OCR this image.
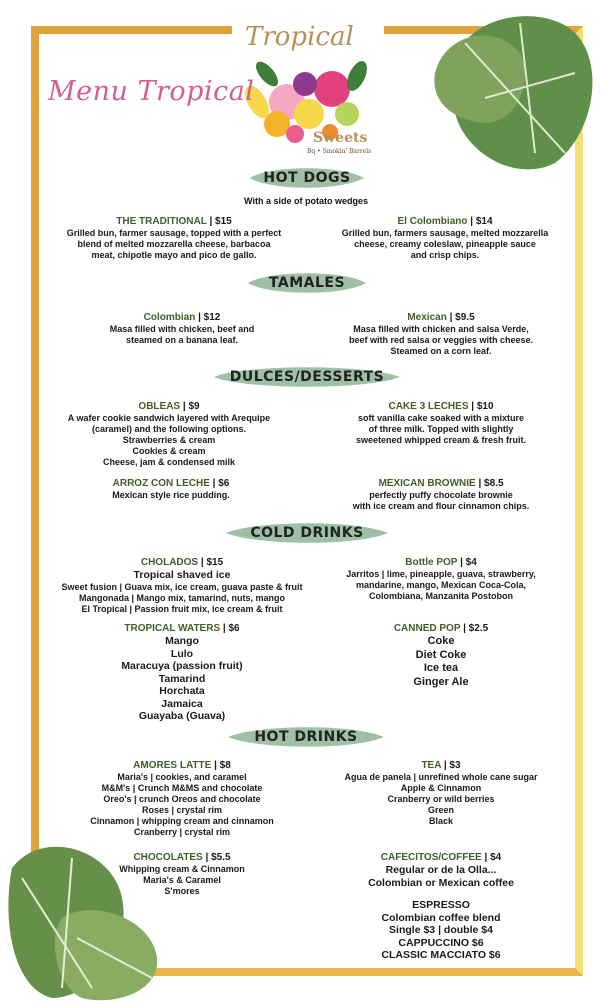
Tropical
Sweets
Bq • Smokin' Barrels
Menu Tropical
HOT DOGS
With a side of potato wedges
THE TRADITIONAL | $15
Grilled bun, farmer sausage, topped with a perfect
blend of melted mozzarella cheese, barbacoa
meat, chipotle mayo and pico de gallo.
El Colombiano | $14
Grilled bun, farmers sausage, melted mozzarella
cheese, creamy coleslaw, pineapple sauce
and crisp chips.
TAMALES
Colombian | $12
Masa filled with chicken, beef and
steamed on a banana leaf.
Mexican | $9.5
Masa filled with chicken and salsa Verde,
beef with red salsa or veggies with cheese.
Steamed on a corn leaf.
DULCES/DESSERTS
OBLEAS | $9
A wafer cookie sandwich layered with Arequipe
(caramel) and the following options.
Strawberries & cream
Cookies & cream
Cheese, jam & condensed milk
CAKE 3 LECHES | $10
soft vanilla cake soaked with a mixture
of three milk. Topped with slightly
sweetened whipped cream & fresh fruit.
ARROZ CON LECHE | $6
Mexican style rice pudding.
MEXICAN BROWNIE | $8.5
perfectly puffy chocolate brownie
with ice cream and flour cinnamon chips.
COLD DRINKS
CHOLADOS | $15
Tropical shaved ice
Sweet fusion | Guava mix, ice cream, guava paste & fruit
Mangonada | Mango mix, tamarind, nuts, mango
El Tropical | Passion fruit mix, ice cream & fruit
Bottle POP | $4
Jarritos | lime, pineapple, guava, strawberry,
mandarine, mango, Mexican Coca-Cola,
Colombiana, Manzanita Postobon
TROPICAL WATERS | $6
Mango
Lulo
Maracuya (passion fruit)
Tamarind
Horchata
Jamaica
Guayaba (Guava)
CANNED POP | $2.5
Coke
Diet Coke
Ice tea
Ginger Ale
HOT DRINKS
AMORES LATTE | $8
Maria's | cookies, and caramel
M&M's | Crunch M&MS and chocolate
Oreo's | crunch Oreos and chocolate
Roses | crystal rim
Cinnamon | whipping cream and cinnamon
Cranberry | crystal rim
TEA | $3
Agua de panela | unrefined whole cane sugar
Apple & Cinnamon
Cranberry or wild berries
Green
Black
CHOCOLATES | $5.5
Whipping cream & Cinnamon
Maria's & Caramel
S'mores
CAFECITOS/COFFEE | $4
Regular or de la Olla...
Colombian or Mexican coffee
ESPRESSO
Colombian coffee blend
Single $3 | double $4
CAPPUCCINO $6
CLASSIC MACCIATO $6
